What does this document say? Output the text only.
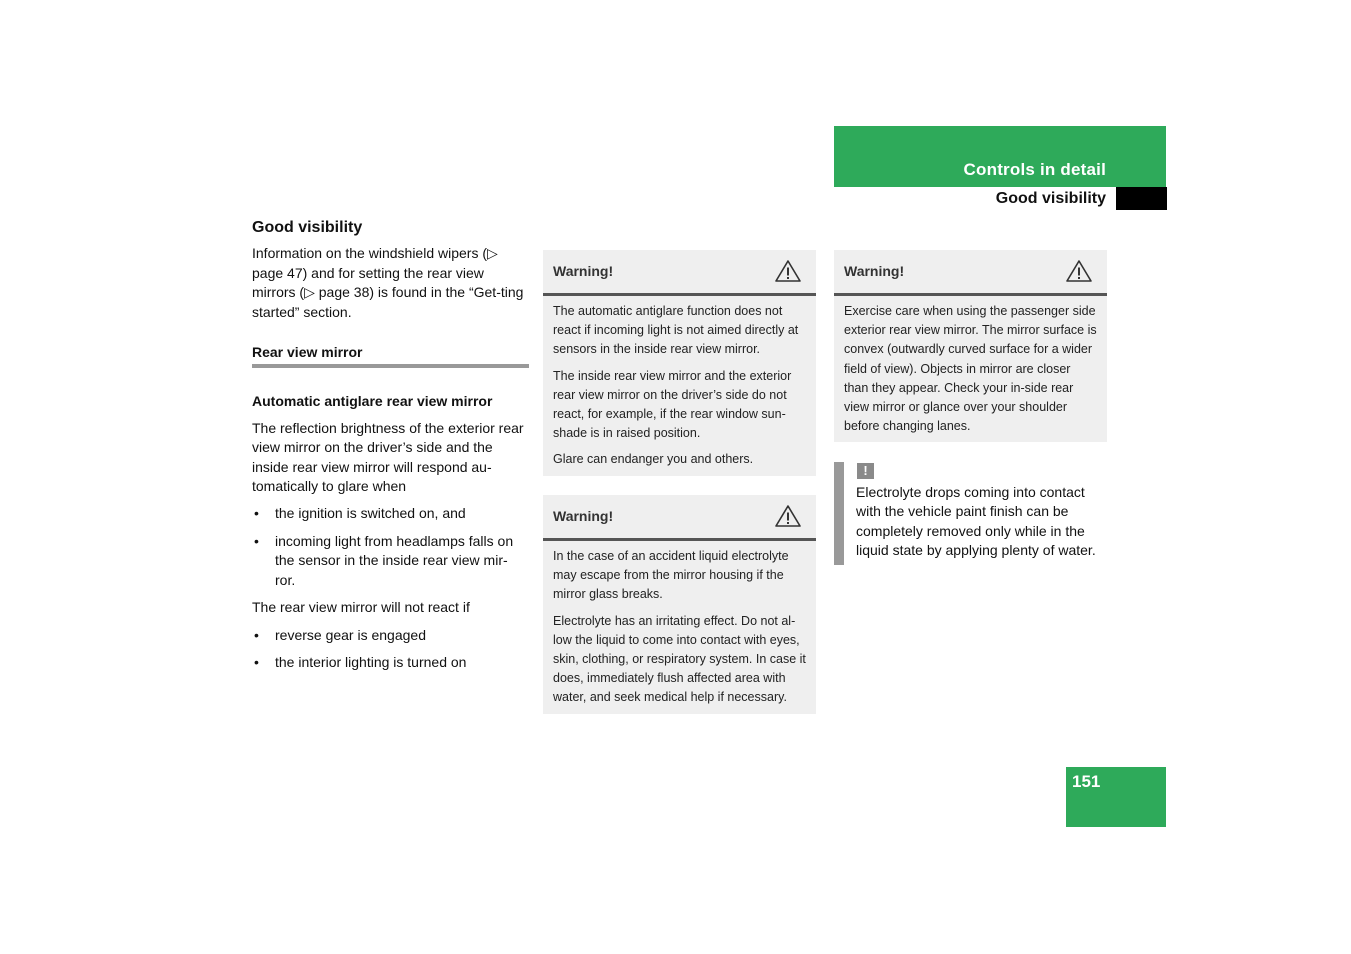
Controls in detail
Good visibility
Good visibility
Information on the windshield wipers (▷ page 47) and for setting the rear view mirrors (▷ page 38) is found in the “Get-ting started” section.
Rear view mirror
Automatic antiglare rear view mirror
The reflection brightness of the exterior rear view mirror on the driver’s side and the inside rear view mirror will respond au-tomatically to glare when
• the ignition is switched on, and
• incoming light from headlamps falls on the sensor in the inside rear view mir-ror.
The rear view mirror will not react if
• reverse gear is engaged
• the interior lighting is turned on
Warning!

The automatic antiglare function does not react if incoming light is not aimed directly at sensors in the inside rear view mirror.

The inside rear view mirror and the exterior rear view mirror on the driver’s side do not react, for example, if the rear window sun-shade is in raised position.

Glare can endanger you and others.

Warning!

In the case of an accident liquid electrolyte may escape from the mirror housing if the mirror glass breaks.

Electrolyte has an irritating effect. Do not al-low the liquid to come into contact with eyes, skin, clothing, or respiratory system. In case it does, immediately flush affected area with water, and seek medical help if necessary.

Warning!

Exercise care when using the passenger side exterior rear view mirror. The mirror surface is convex (outwardly curved surface for a wider field of view). Objects in mirror are closer than they appear. Check your in-side rear view mirror or glance over your shoulder before changing lanes.

!
Electrolyte drops coming into contact with the vehicle paint finish can be completely removed only while in the liquid state by applying plenty of water.
151
